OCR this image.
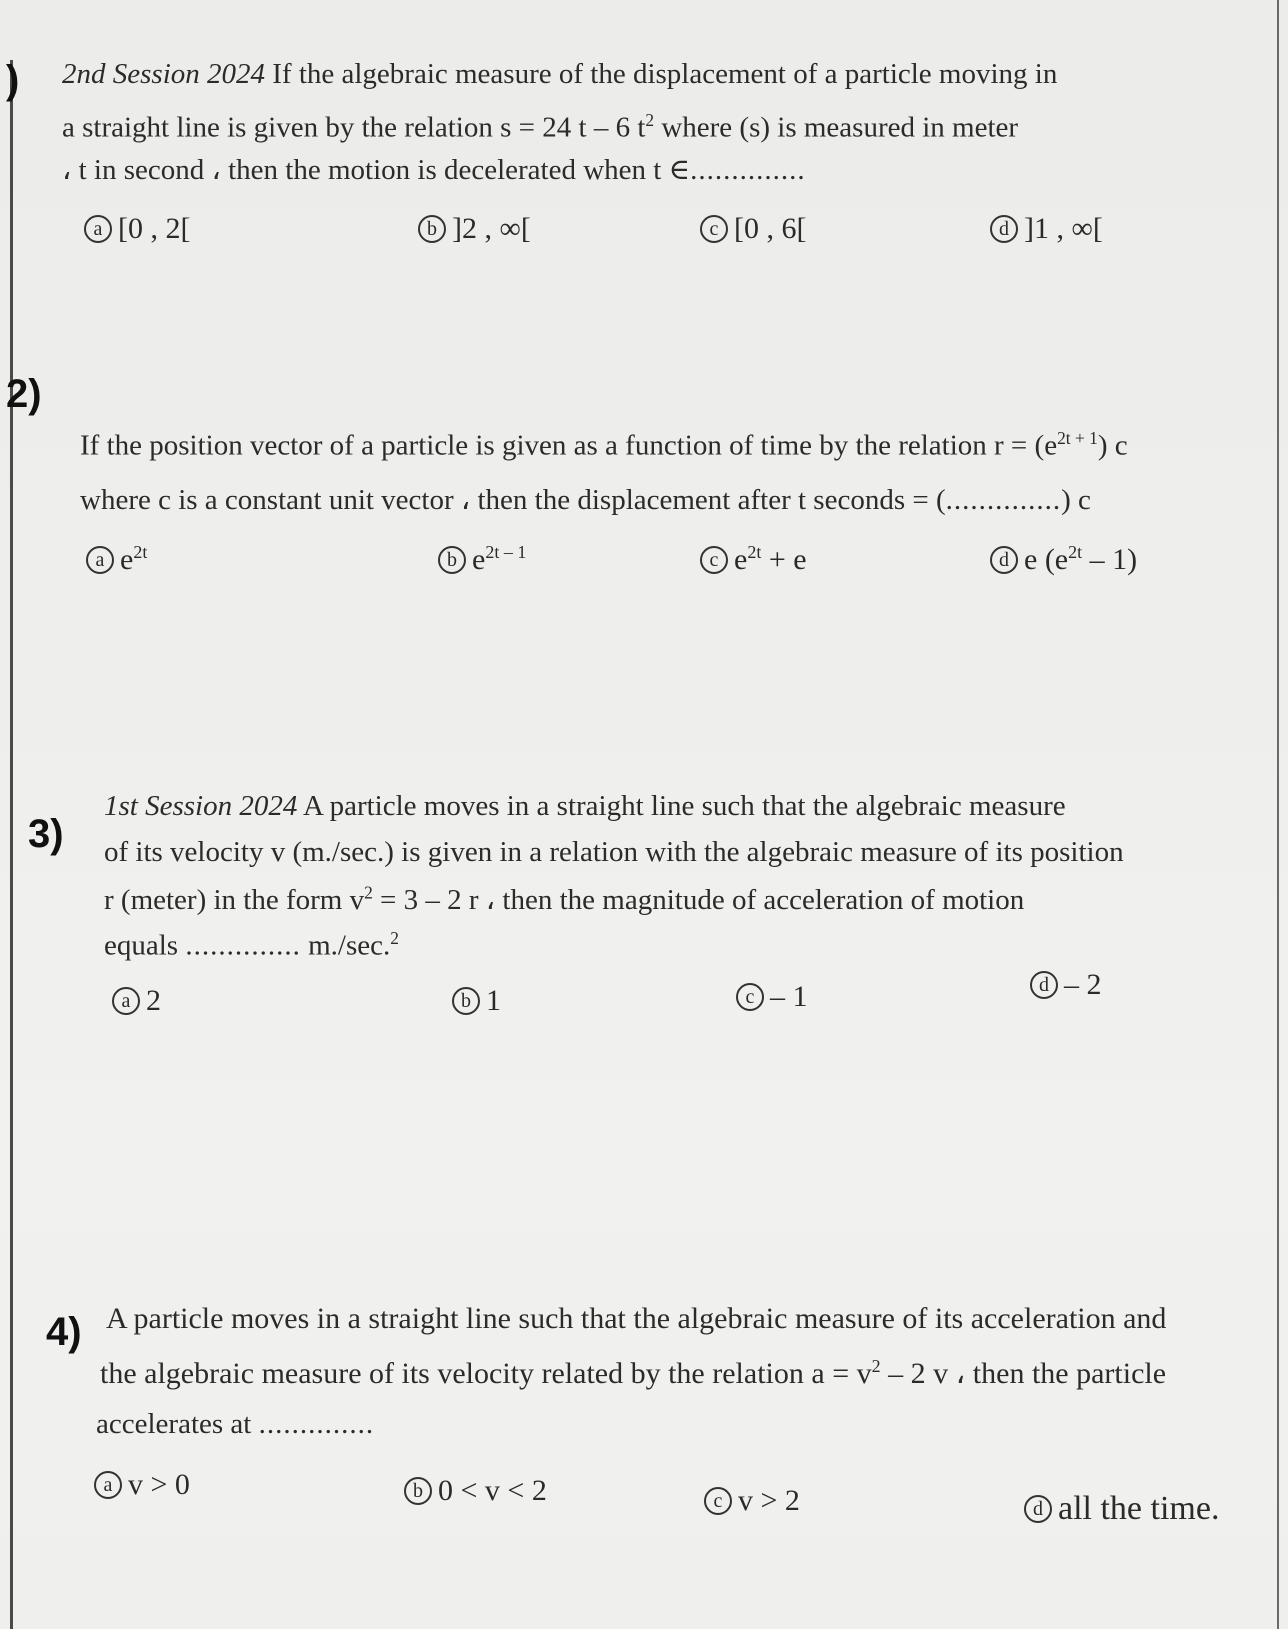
) 2nd Session 2024 If the algebraic measure of the displacement of a particle moving in
a straight line is given by the relation s = 24 t – 6 $t^2$ where (s) is measured in meter
، t in second ، then the motion is decelerated when t ∈..............
a [0 , 2[	b ]2 , ∞[	c [0 , 6[	d ]1 , ∞[
2)
If the position vector of a particle is given as a function of time by the relation $r = (e^{2t + 1})$ c
where c is a constant unit vector ، then the displacement after t seconds = (..............) c
a $e^{2t}$	b $e^{2t - 1}$	c $e^{2t} + e$	d e $(e^{2t} - 1)$
3)
1st Session 2024 A particle moves in a straight line such that the algebraic measure
of its velocity v (m./sec.) is given in a relation with the algebraic measure of its position
r (meter) in the form $v^2 = 3 - 2$ r ، then the magnitude of acceleration of motion
equals .............. m./sec.$^2$
a 2	b 1	c – 1	d – 2
4) A particle moves in a straight line such that the algebraic measure of its acceleration and
the algebraic measure of its velocity related by the relation $a = v^2 - 2$ v ، then the particle
accelerates at ..............
a v > 0	b 0 < v < 2	c v > 2	d all the time.
